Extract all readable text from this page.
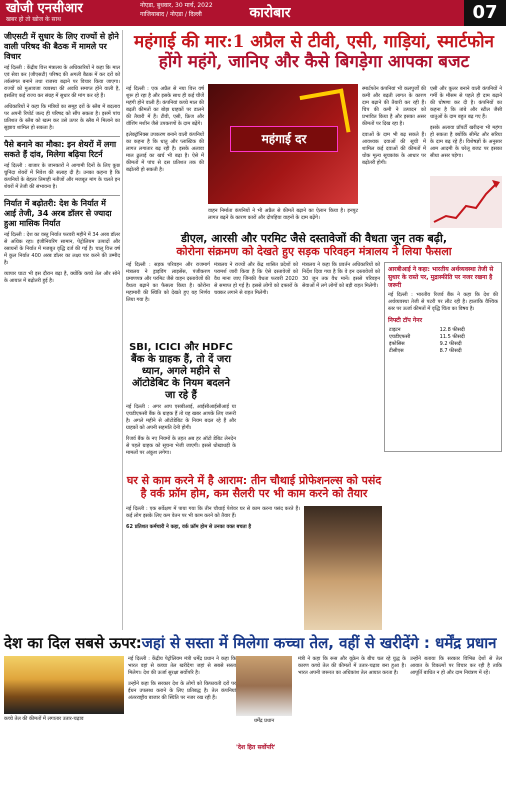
खोजी एनसीआर
खबर हो तो खोज के साथ
नोएडा, बुधवार, 30 मार्च, 2022
गाजियाबाद / नोएडा / दिल्ली	कारोबार	07
जीएसटी में सुधार के लिए राज्यों से होने वाली परिषद की बैठक में मामले पर विचार
नई दिल्ली : केंद्रीय वित्त मंत्रालय के अधिकारियों ने कहा कि माल एवं सेवा कर (जीएसटी) परिषद की अगली बैठक में कर दरों को तर्कसंगत बनाने तथा राजस्व बढ़ाने पर विचार किया जाएगा। राज्यों को मुआवजा व्यवस्था की अवधि समाप्त होने वाली है, इसलिए कई राज्य कर संग्रह में सुधार की मांग कर रहे हैं।
अधिकारियों ने कहा कि मंत्रियों का समूह दरों के स्लैब में बदलाव पर अपनी रिपोर्ट जल्द ही परिषद को सौंप सकता है। इसमें पांच प्रतिशत के स्लैब को खत्म कर उसे ऊपर के स्लैब में मिलाने का सुझाव शामिल हो सकता है।
पैसे बनाने का मौका: इन शेयरों में लगा सकते हैं दांव, मिलेगा बढ़िया रिटर्न
नई दिल्ली : बाजार के जानकारों ने आगामी दिनों के लिए कुछ चुनिंदा शेयरों में निवेश की सलाह दी है। उनका कहना है कि कंपनियों के बेहतर तिमाही नतीजों और मजबूत मांग के चलते इन शेयरों में तेजी की संभावना है।
निर्यात में बढ़ोतरी: देश के निर्यात में आई तेजी, 34 अरब डॉलर से ज्यादा हुआ मासिक निर्यात
नई दिल्ली : देश का वस्तु निर्यात फरवरी महीने में 34 अरब डॉलर से अधिक रहा। इंजीनियरिंग सामान, पेट्रोलियम उत्पादों और रसायनों के निर्यात में मजबूत वृद्धि दर्ज की गई है। चालू वित्त वर्ष में कुल निर्यात 400 अरब डॉलर का लक्ष्य पार करने की उम्मीद है।
व्यापार घाटा भी इस दौरान बढ़ा है, क्योंकि कच्चे तेल और सोने के आयात में बढ़ोतरी हुई है।
महंगाई की मार:1 अप्रैल से टीवी, एसी, गाड़ियां, स्मार्टफोन
होंगे महंगे, जानिए और कैसे बिगड़ेगा आपका बजट
नई दिल्ली : एक अप्रैल से नया वित्त वर्ष शुरू हो रहा है और इसके साथ ही कई चीजें महंगी होने वाली हैं। कंपनियां कच्चे माल की बढ़ती कीमतों का बोझ ग्राहकों पर डालने की तैयारी में हैं। टीवी, एसी, फ्रिज और वॉशिंग मशीन जैसे उपकरणों के दाम बढ़ेंगे।
इलेक्ट्रॉनिक्स उपकरण बनाने वाली कंपनियों का कहना है कि धातु और प्लास्टिक की लागत लगातार बढ़ रही है। इसके अलावा माल ढुलाई का खर्च भी बढ़ा है। ऐसे में कीमतों में पांच से दस प्रतिशत तक की बढ़ोतरी हो सकती है।
महंगाई दर
वाहन निर्माता कंपनियों ने भी अप्रैल से कीमतें बढ़ाने का ऐलान किया है। इनपुट लागत बढ़ने के कारण कारों और दोपहिया वाहनों के दाम बढ़ेंगे।
स्मार्टफोन कंपनियां भी कलपुर्जों की कमी और बढ़ती लागत के कारण दाम बढ़ाने की तैयारी कर रही हैं। चिप की कमी ने उत्पादन को प्रभावित किया है और इसका असर कीमतों पर दिख रहा है।
दवाओं के दाम भी बढ़ सकते हैं। आवश्यक दवाओं की सूची में शामिल कई दवाओं की कीमतों में थोक मूल्य सूचकांक के आधार पर बढ़ोतरी होगी।
एसी और कूलर बनाने वाली कंपनियों ने गर्मी के मौसम से पहले ही दाम बढ़ाने की घोषणा कर दी है। कंपनियों का कहना है कि तांबे और स्टील जैसी धातुओं के दाम बहुत बढ़ गए हैं।
इसके अलावा प्रॉपर्टी खरीदना भी महंगा हो सकता है क्योंकि सीमेंट और सरिया के दाम बढ़ रहे हैं। विशेषज्ञों के अनुसार आम आदमी के घरेलू बजट पर इसका सीधा असर पड़ेगा।
डीएल, आरसी और परमिट जैसे दस्तावेजों की वैधता जून तक बढ़ी,
कोरोना संक्रमण को देखते हुए सड़क परिवहन मंत्रालय ने लिया फैसला
नई दिल्ली : सड़क परिवहन और राजमार्ग मंत्रालय ने ड्राइविंग लाइसेंस, पंजीकरण प्रमाणपत्र और परमिट जैसे वाहन दस्तावेजों की वैधता बढ़ाने का फैसला किया है। कोरोना महामारी की स्थिति को देखते हुए यह निर्णय लिया गया है।
मंत्रालय ने राज्यों और केंद्र शासित प्रदेशों को परामर्श जारी किया है कि ऐसे दस्तावेजों को वैध माना जाए जिनकी वैधता फरवरी 2020 से समाप्त हो गई है। इससे लोगों को दफ्तरों के चक्कर लगाने से राहत मिलेगी।
मंत्रालय ने कहा कि प्रवर्तन अधिकारियों को निर्देश दिया गया है कि वे इन दस्तावेजों को 30 जून तक वैध मानें। इससे परिवहन सेवाओं में लगे लोगों को बड़ी राहत मिलेगी।
आरबीआई ने कहा: भारतीय अर्थव्यवस्था तेजी से सुधार के रास्ते पर, मुद्रास्फीति पर नजर रखना है जरूरी
नई दिल्ली : भारतीय रिजर्व बैंक ने कहा कि देश की अर्थव्यवस्था तेजी से पटरी पर लौट रही है। हालांकि वैश्विक स्तर पर ऊर्जा कीमतों में वृद्धि चिंता का विषय है।
निफ्टी टॉप गेनर
टाइटन	12.8 फीसदी
एचडीएफसी	11.5 फीसदी
इंफोसिस	9.2 फीसदी
टीसीएस	8.7 फीसदी
SBI, ICICI और HDFC बैंक के ग्राहक हैं, तो दें जरा ध्यान, अगले महीने से ऑटोडेबिट के नियम बदलने जा रहे हैं
नई दिल्ली : अगर आप एसबीआई, आईसीआईसीआई या एचडीएफसी बैंक के ग्राहक हैं तो यह खबर आपके लिए जरूरी है। अगले महीने से ऑटोडेबिट के नियम बदल रहे हैं और ग्राहकों को अपनी सहमति देनी होगी।
रिजर्व बैंक के नए नियमों के तहत अब हर ऑटो डेबिट लेनदेन से पहले ग्राहक को सूचना भेजी जाएगी। इससे धोखाधड़ी के मामलों पर अंकुश लगेगा।
घर से काम करने में है आराम: तीन चौथाई प्रोफेशनल्स को पसंद है वर्क फ्रॉम होम, कम सैलरी पर भी काम करने को तैयार
नई दिल्ली : एक सर्वेक्षण में पाया गया कि तीन चौथाई पेशेवर घर से काम करना पसंद करते हैं। कई लोग इसके लिए कम वेतन पर भी काम करने को तैयार हैं।
62 प्रतिशत कर्मचारी ने कहा, वर्क फ्रॉम होम से उनका वक्त बचता है
देश का दिल सबसे ऊपर:जहां से सस्ता में मिलेगा कच्चा तेल, वहीं से खरीदेंगे : धर्मेंद्र प्रधान
कच्चे तेल की कीमतों में लगातार उतार-चढ़ाव
नई दिल्ली : केंद्रीय पेट्रोलियम मंत्री धर्मेंद्र प्रधान ने कहा कि भारत वहां से कच्चा तेल खरीदेगा जहां से सबसे सस्ता मिलेगा। देश की ऊर्जा सुरक्षा सर्वोपरि है।
उन्होंने कहा कि सरकार देश के लोगों को किफायती दरों पर ईंधन उपलब्ध कराने के लिए प्रतिबद्ध है। तेल कंपनियां अंतरराष्ट्रीय बाजार की स्थिति पर नजर रख रही हैं।
धर्मेंद्र प्रधान
'देश हित सर्वोपरि'
मंत्री ने कहा कि रूस और यूक्रेन के बीच चल रहे युद्ध के कारण कच्चे तेल की कीमतों में उतार-चढ़ाव बना हुआ है। भारत अपनी जरूरत का अधिकांश तेल आयात करता है।
उन्होंने बताया कि सरकार विभिन्न देशों से तेल आयात के विकल्पों पर विचार कर रही है ताकि आपूर्ति बाधित न हो और दाम नियंत्रण में रहें।
